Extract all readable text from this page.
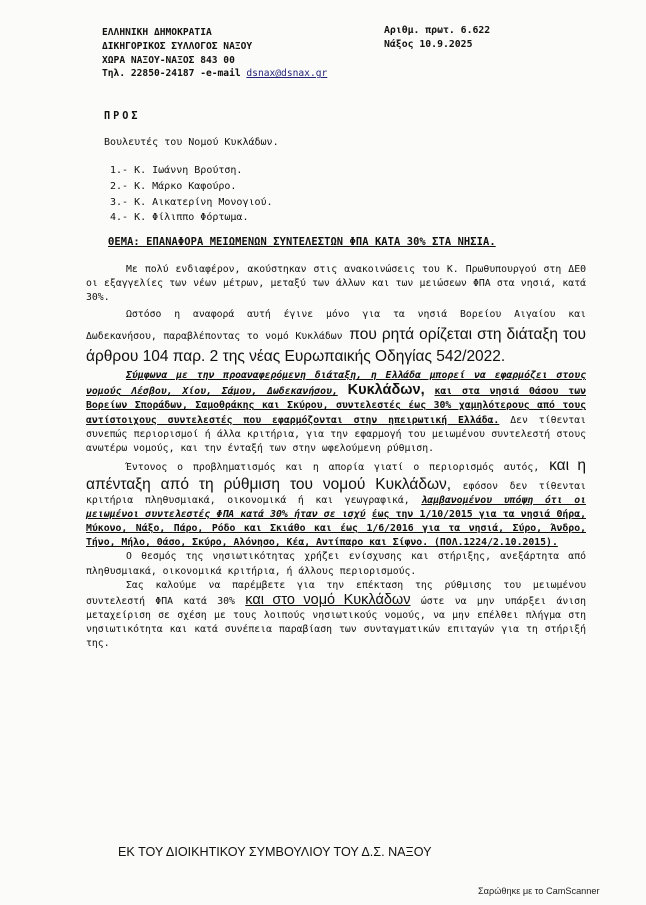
ΕΛΛΗΝΙΚΗ ΔΗΜΟΚΡΑΤΙΑ
ΔΙΚΗΓΟΡΙΚΟΣ ΣΥΛΛΟΓΟΣ ΝΑΞΟΥ
ΧΩΡΑ ΝΑΞΟΥ-ΝΑΞΟΣ 843 00
Τηλ. 22850-24187 -e-mail dsnax@dsnax.gr
Αριθμ. πρωτ. 6.622
Νάξος 10.9.2025
ΠΡΟΣ
Βουλευτές του Νομού Κυκλάδων.
1.- Κ. Ιωάννη Βρούτση.
2.- Κ. Μάρκο Καφούρο.
3.- Κ. Αικατερίνη Μονογιού.
4.- Κ. Φίλιππο Φόρτωμα.
ΘΕΜΑ: ΕΠΑΝΑΦΟΡΑ ΜΕΙΩΜΕΝΩΝ ΣΥΝΤΕΛΕΣΤΩΝ ΦΠΑ ΚΑΤΑ 30% ΣΤΑ ΝΗΣΙΑ.

Με πολύ ενδιαφέρον, ακούστηκαν στις ανακοινώσεις του Κ. Πρωθυπουργού στη ΔΕΘ οι εξαγγελίες των νέων μέτρων, μεταξύ των άλλων και των μειώσεων ΦΠΑ στα νησιά, κατά 30%.

Ωστόσο η αναφορά αυτή έγινε μόνο για τα νησιά Βορείου Αιγαίου και Δωδεκανήσου, παραβλέποντας το νομό Κυκλάδων που ρητά ορίζεται στη διάταξη του άρθρου 104 παρ. 2 της νέας Ευρωπαικής Οδηγίας 542/2022.

Σύμφωνα με την προαναφερόμενη διάταξη, η Ελλάδα μπορεί να εφαρμόζει στους νομούς Λέσβου, Χίου, Σάμου, Δωδεκανήσου, Κυκλάδων, και στα νησιά Θάσου των Βορείων Σποράδων, Σαμοθράκης και Σκύρου, συντελεστές έως 30% χαμηλότερους από τους αντίστοιχους συντελεστές που εφαρμόζονται στην ηπειρωτική Ελλάδα. Δεν τίθενται συνεπώς περιορισμοί ή άλλα κριτήρια, για την εφαρμογή του μειωμένου συντελεστή στους ανωτέρω νομούς, και την ένταξή των στην ωφελούμενη ρύθμιση.

Έντονος ο προβληματισμός και η απορία γιατί ο περιορισμός αυτός, και η απένταξη από τη ρύθμιση του νομού Κυκλάδων, εφόσον δεν τίθενται κριτήρια πληθυσμιακά, οικονομικά ή και γεωγραφικά, λαμβανομένου υπόψη ότι οι μειωμένοι συντελεστές ΦΠΑ κατά 30% ήταν σε ισχύ έως την 1/10/2015 για τα νησιά Θήρα, Μύκονο, Νάξο, Πάρο, Ρόδο και Σκιάθο και έως 1/6/2016 για τα νησιά, Σύρο, Άνδρο, Τήνο, Μήλο, Θάσο, Σκύρο, Αλόνησο, Κέα, Αντίπαρο και Σίφνο. (ΠΟΛ.1224/2.10.2015).

Ο θεσμός της νησιωτικότητας χρήζει ενίσχυσης και στήριξης, ανεξάρτητα από πληθυσμιακά, οικονομικά κριτήρια, ή άλλους περιορισμούς.

Σας καλούμε να παρέμβετε για την επέκταση της ρύθμισης του μειωμένου συντελεστή ΦΠΑ κατά 30% και στο νομό Κυκλάδων ώστε να μην υπάρξει άνιση μεταχείριση σε σχέση με τους λοιπούς νησιωτικούς νομούς, να μην επέλθει πλήγμα στη νησιωτικότητα και κατά συνέπεια παραβίαση των συνταγματικών επιταγών για τη στήριξή της.

ΕΚ ΤΟΥ ΔΙΟΙΚΗΤΙΚΟΥ ΣΥΜΒΟΥΛΙΟΥ ΤΟΥ Δ.Σ. ΝΑΞΟΥ
Σαρώθηκε με το CamScanner
